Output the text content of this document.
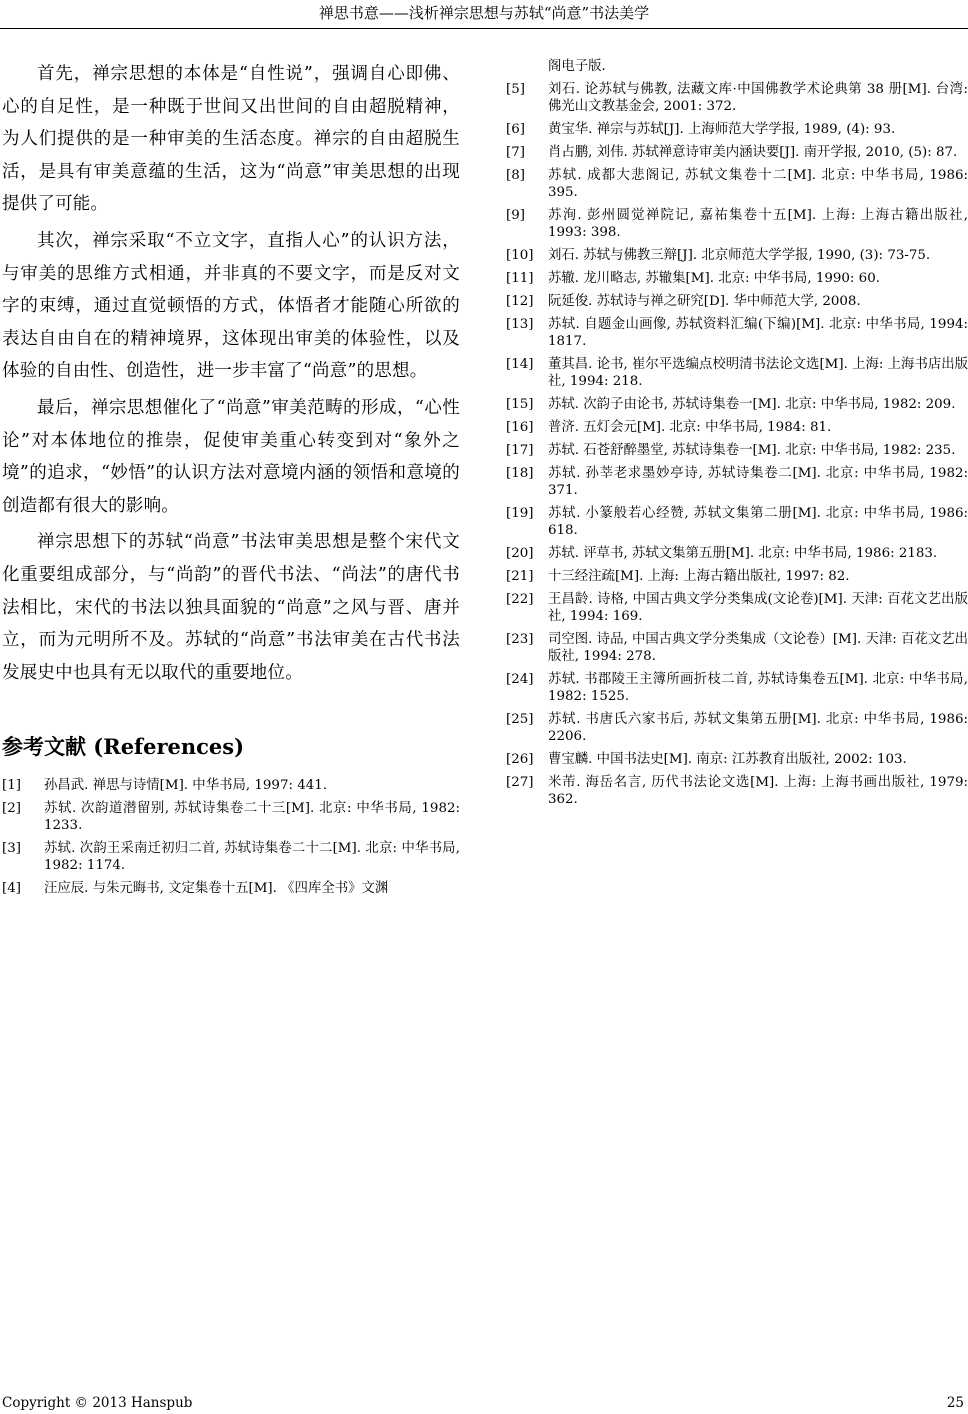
禅思书意——浅析禅宗思想与苏轼“尚意”书法美学

首先，禅宗思想的本体是“自性说”，强调自心即佛、心的自足性，是一种既于世间又出世间的自由超脱精神，为人们提供的是一种审美的生活态度。禅宗的自由超脱生活，是具有审美意蕴的生活，这为“尚意”审美思想的出现提供了可能。

其次，禅宗采取“不立文字，直指人心”的认识方法，与审美的思维方式相通，并非真的不要文字，而是反对文字的束缚，通过直觉顿悟的方式，体悟者才能随心所欲的表达自由自在的精神境界，这体现出审美的体验性，以及体验的自由性、创造性，进一步丰富了“尚意”的思想。

最后，禅宗思想催化了“尚意”审美范畴的形成，“心性论”对本体地位的推崇，促使审美重心转变到对“象外之境”的追求，“妙悟”的认识方法对意境内涵的领悟和意境的创造都有很大的影响。

禅宗思想下的苏轼“尚意”书法审美思想是整个宋代文化重要组成部分，与“尚韵”的晋代书法、“尚法”的唐代书法相比，宋代的书法以独具面貌的“尚意”之风与晋、唐并立，而为元明所不及。苏轼的“尚意”书法审美在古代书法发展史中也具有无以取代的重要地位。

参考文献 (References)
[1]	孙昌武. 禅思与诗情[M]. 中华书局, 1997: 441.
[2]	苏轼. 次韵道潜留别, 苏轼诗集卷二十三[M]. 北京: 中华书局, 1982: 1233.
[3]	苏轼. 次韵王采南迁初归二首, 苏轼诗集卷二十二[M]. 北京: 中华书局, 1982: 1174.
[4]	汪应辰. 与朱元晦书, 文定集卷十五[M]. 《四库全书》文渊

阁电子版.

[5]	刘石. 论苏轼与佛教, 法藏文库·中国佛教学术论典第 38 册[M]. 台湾: 佛光山文教基金会, 2001: 372.
[6]	黄宝华. 禅宗与苏轼[J]. 上海师范大学学报, 1989, (4): 93.
[7]	肖占鹏, 刘伟. 苏轼禅意诗审美内涵诀要[J]. 南开学报, 2010, (5): 87.
[8]	苏轼. 成都大悲阁记, 苏轼文集卷十二[M]. 北京: 中华书局, 1986: 395.
[9]	苏洵. 彭州圆觉禅院记, 嘉祐集卷十五[M]. 上海: 上海古籍出版社, 1993: 398.
[10]	刘石. 苏轼与佛教三辩[J]. 北京师范大学学报, 1990, (3): 73-75.
[11]	苏辙. 龙川略志, 苏辙集[M]. 北京: 中华书局, 1990: 60.
[12]	阮延俊. 苏轼诗与禅之研究[D]. 华中师范大学, 2008.
[13]	苏轼. 自题金山画像, 苏轼资料汇编(下编)[M]. 北京: 中华书局, 1994: 1817.
[14]	董其昌. 论书, 崔尔平选编点校明清书法论文选[M]. 上海: 上海书店出版社, 1994: 218.
[15]	苏轼. 次韵子由论书, 苏轼诗集卷一[M]. 北京: 中华书局, 1982: 209.
[16]	普济. 五灯会元[M]. 北京: 中华书局, 1984: 81.
[17]	苏轼. 石苍舒醉墨堂, 苏轼诗集卷一[M]. 北京: 中华书局, 1982: 235.
[18]	苏轼. 孙莘老求墨妙亭诗, 苏轼诗集卷二[M]. 北京: 中华书局, 1982: 371.
[19]	苏轼. 小篆般若心经赞, 苏轼文集第二册[M]. 北京: 中华书局, 1986: 618.
[20]	苏轼. 评草书, 苏轼文集第五册[M]. 北京: 中华书局, 1986: 2183.
[21]	十三经注疏[M]. 上海: 上海古籍出版社, 1997: 82.
[22]	王昌龄. 诗格, 中国古典文学分类集成(文论卷)[M]. 天津: 百花文艺出版社, 1994: 169.
[23]	司空图. 诗品, 中国古典文学分类集成（文论卷）[M]. 天津: 百花文艺出版社, 1994: 278.
[24]	苏轼. 书郡陵王主簿所画折枝二首, 苏轼诗集卷五[M]. 北京: 中华书局, 1982: 1525.
[25]	苏轼. 书唐氏六家书后, 苏轼文集第五册[M]. 北京: 中华书局, 1986: 2206.
[26]	曹宝麟. 中国书法史[M]. 南京: 江苏教育出版社, 2002: 103.
[27]	米芾. 海岳名言, 历代书法论文选[M]. 上海: 上海书画出版社, 1979: 362.
Copyright © 2013 Hanspub	25
